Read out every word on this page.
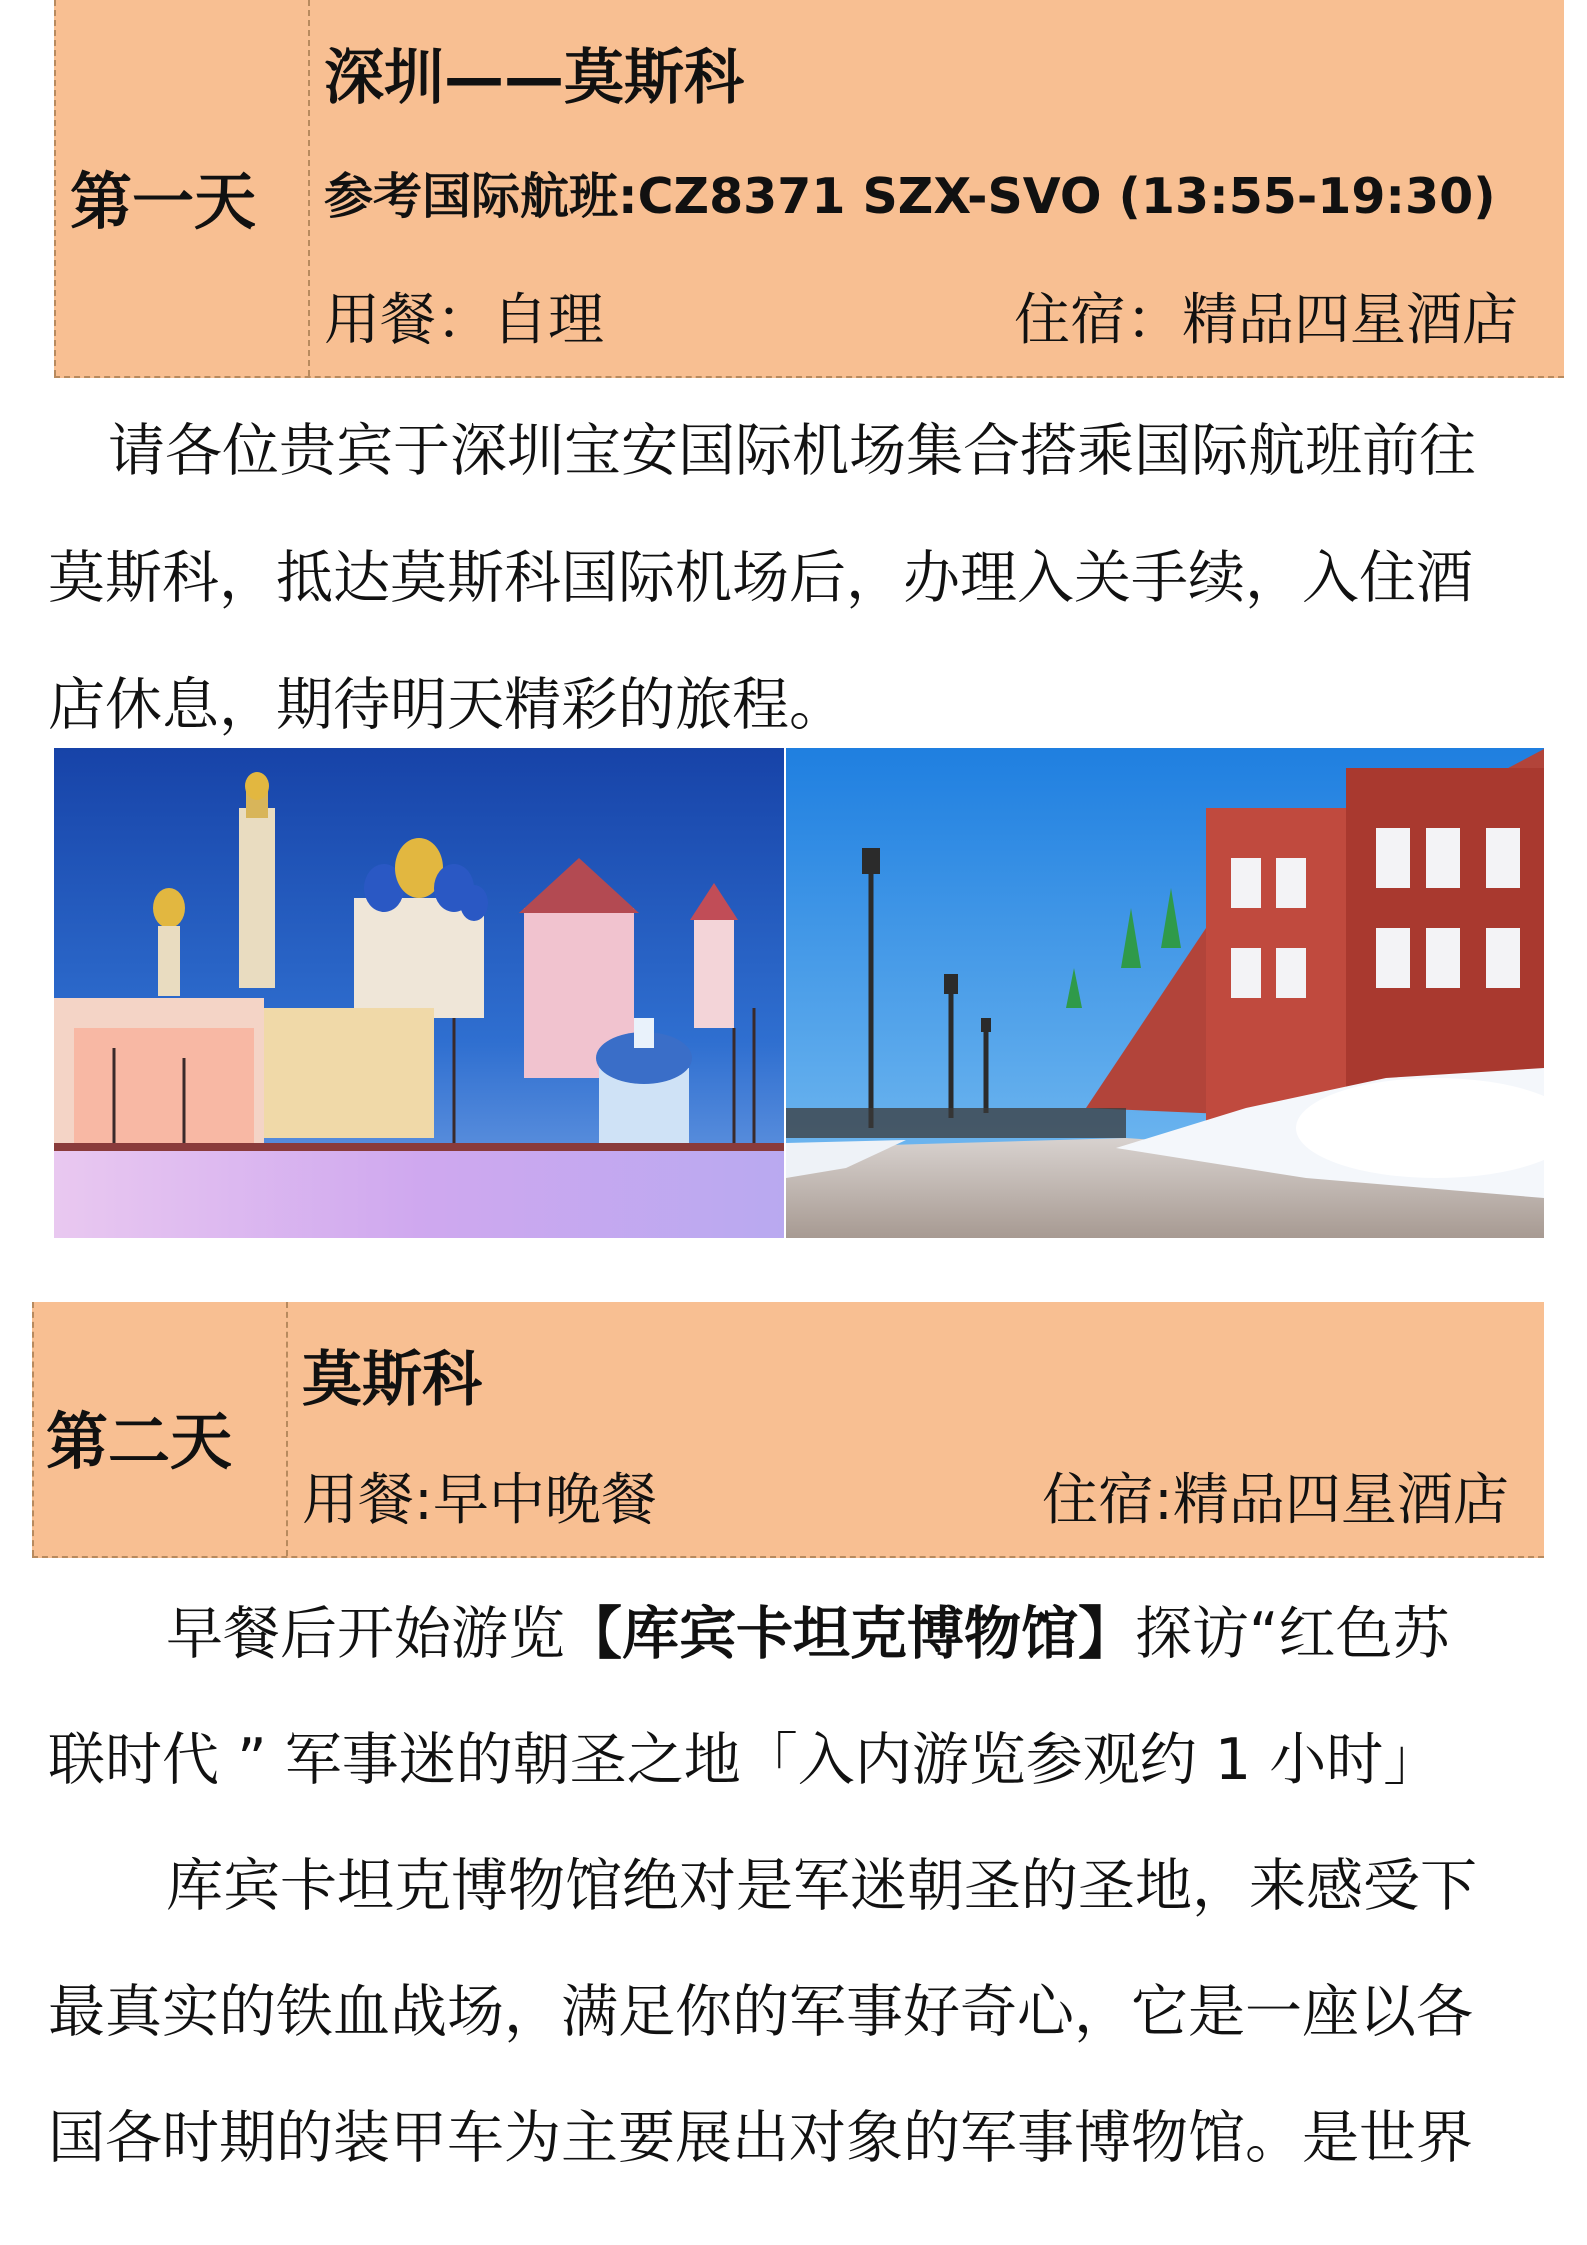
第一天
深圳——莫斯科
参考国际航班:CZ8371 SZX-SVO (13:55-19:30)
用餐：自理	住宿：精品四星酒店
请各位贵宾于深圳宝安国际机场集合搭乘国际航班前往
莫斯科，抵达莫斯科国际机场后，办理入关手续，入住酒
店休息，期待明天精彩的旅程。
第二天
莫斯科
用餐:早中晚餐	住宿:精品四星酒店
早餐后开始游览【库宾卡坦克博物馆】探访“红色苏
联时代 ” 军事迷的朝圣之地「入内游览参观约 1 小时」
库宾卡坦克博物馆绝对是军迷朝圣的圣地，来感受下
最真实的铁血战场，满足你的军事好奇心，它是一座以各
国各时期的装甲车为主要展出对象的军事博物馆。是世界
